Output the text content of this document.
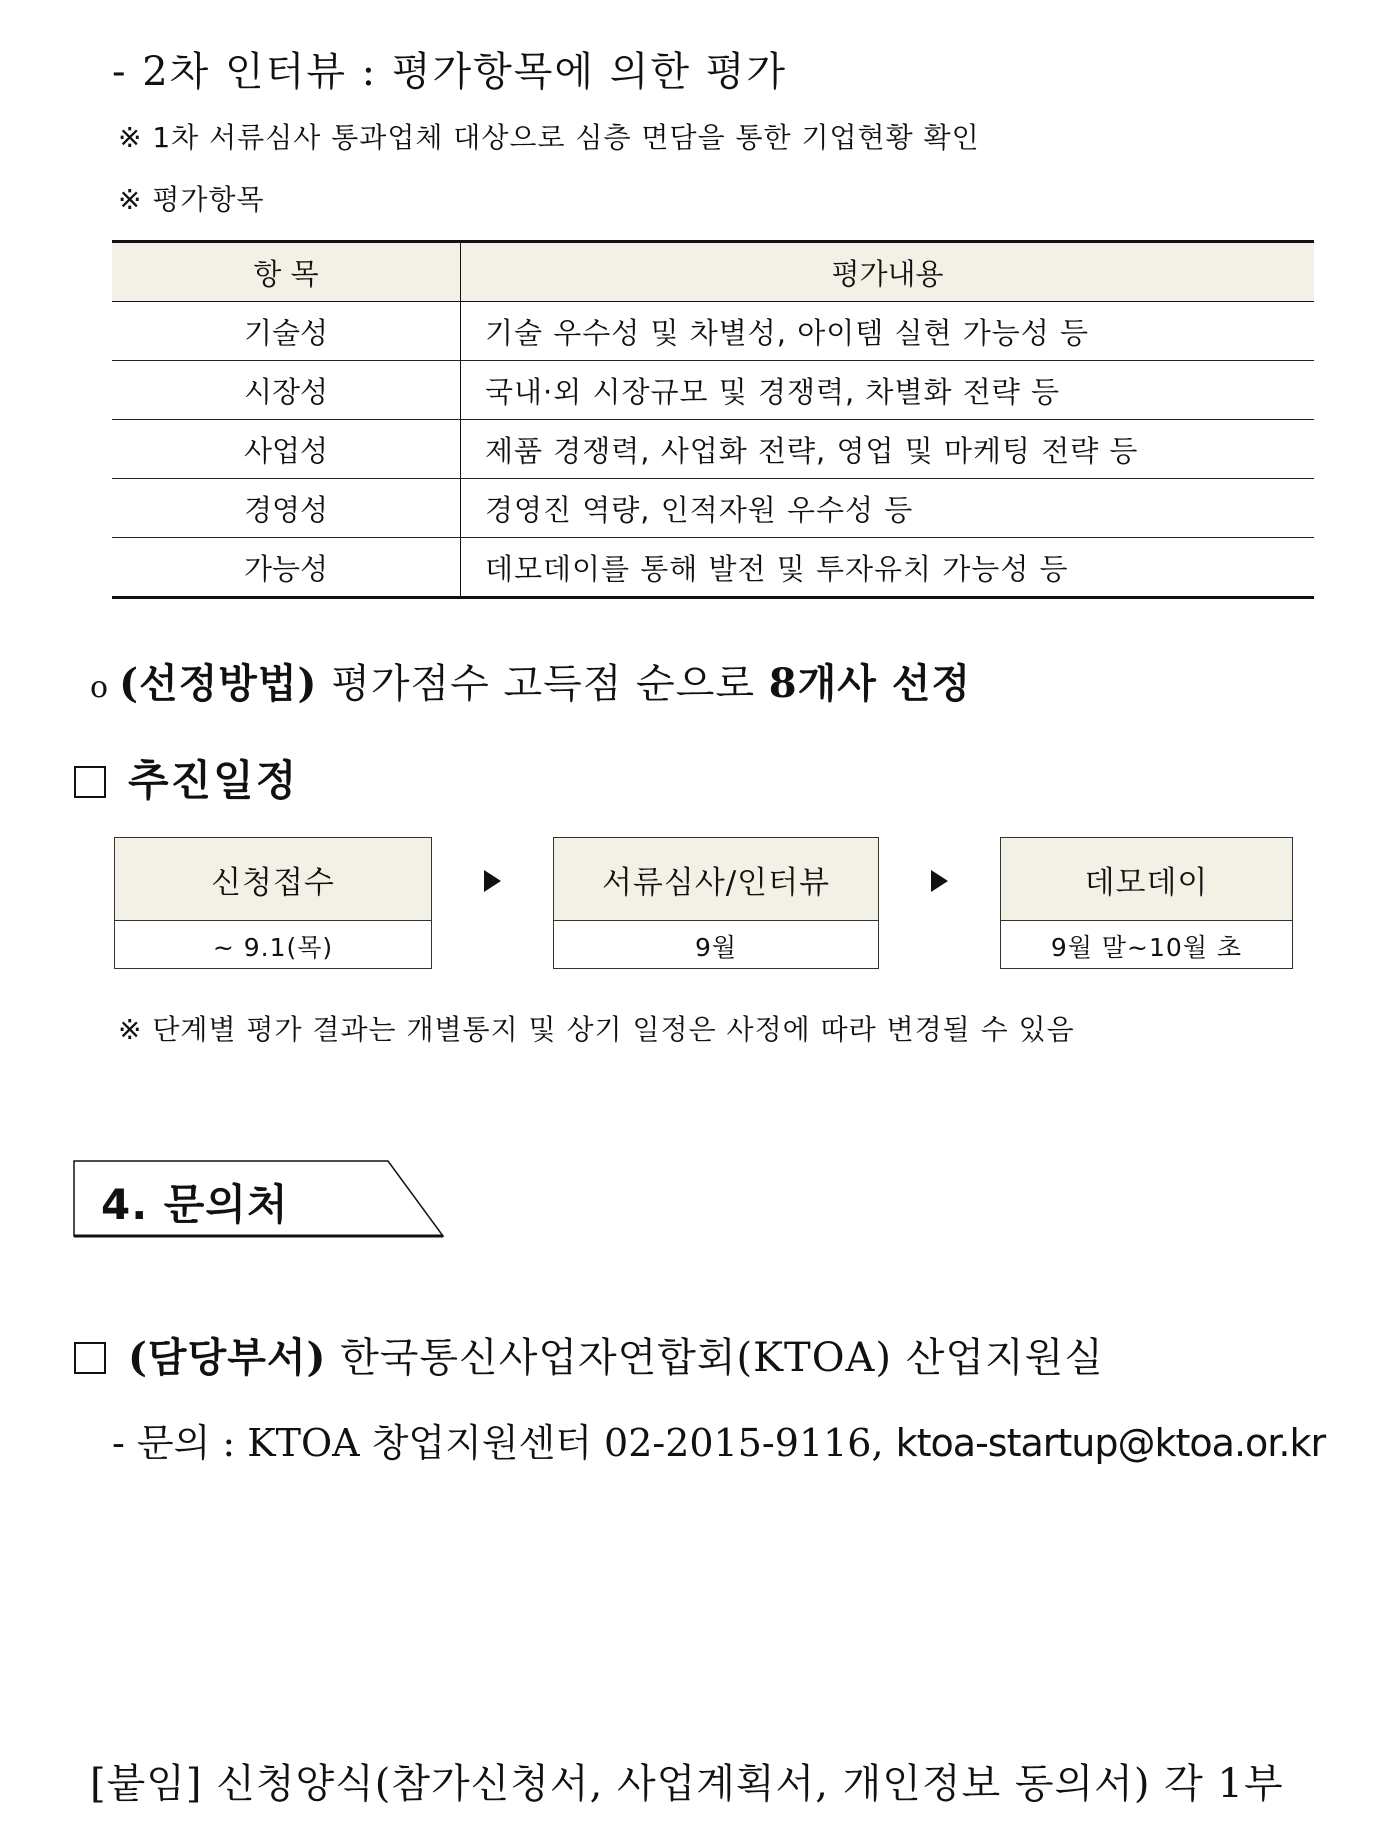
- 2차 인터뷰 : 평가항목에 의한 평가
※ 1차 서류심사 통과업체 대상으로 심층 면담을 통한 기업현황 확인
※ 평가항목
항 목	평가내용
기술성	기술 우수성 및 차별성, 아이템 실현 가능성 등
시장성	국내·외 시장규모 및 경쟁력, 차별화 전략 등
사업성	제품 경쟁력, 사업화 전략, 영업 및 마케팅 전략 등
경영성	경영진 역량, 인적자원 우수성 등
가능성	데모데이를 통해 발전 및 투자유치 가능성 등
o (선정방법) 평가점수 고득점 순으로 8개사 선정
추진일정
신청접수
~ 9.1(목)
서류심사/인터뷰
9월
데모데이
9월 말~10월 초
※ 단계별 평가 결과는 개별통지 및 상기 일정은 사정에 따라 변경될 수 있음
4. 문의처
(담당부서) 한국통신사업자연합회(KTOA) 산업지원실
- 문의 : KTOA 창업지원센터 02-2015-9116, ktoa-startup@ktoa.or.kr
[붙임] 신청양식(참가신청서, 사업계획서, 개인정보 동의서) 각 1부
